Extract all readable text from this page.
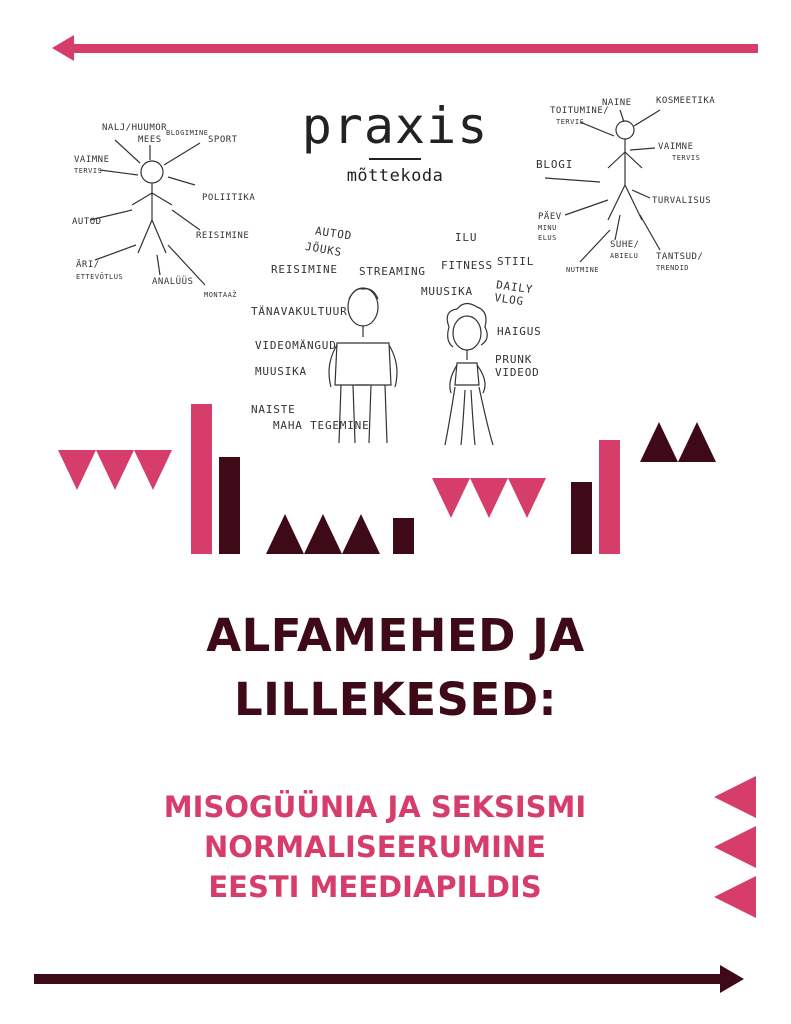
praxis
mõttekoda
NALJ/HUUMOR
MEES
BLOGIMINE
SPORT
VAIMNE
TERVIS
POLIITIKA
AUTOD
REISIMINE
ÄRI/
ETTEVÕTLUS	ANALÜÜS
MONTAAŽ
TOITUMINE/
TERVIS
NAINE	KOSMEETIKA
VAIMNE
TERVIS
BLOGI
TURVALISUS
PÄEV
MINU
ELUS
SUHE/
ABIELU TANTSUD/
TRENDID
NUTMINE
AUTOD
JÕUKS
REISIMINE STREAMING
TÄNAVAKULTUUR
VIDEOMÄNGUD
MUUSIKA
NAISTE
MAHA TEGEMINE
ILU
FITNESS STIIL
MUUSIKA DAILY VLOG
HAIGUS
PRUNK VIDEOD
ALFAMEHED JA
LILLEKESED:
MISOGÜÜNIA JA SEKSISMI
NORMALISEERUMINE
EESTI MEEDIAPILDIS
